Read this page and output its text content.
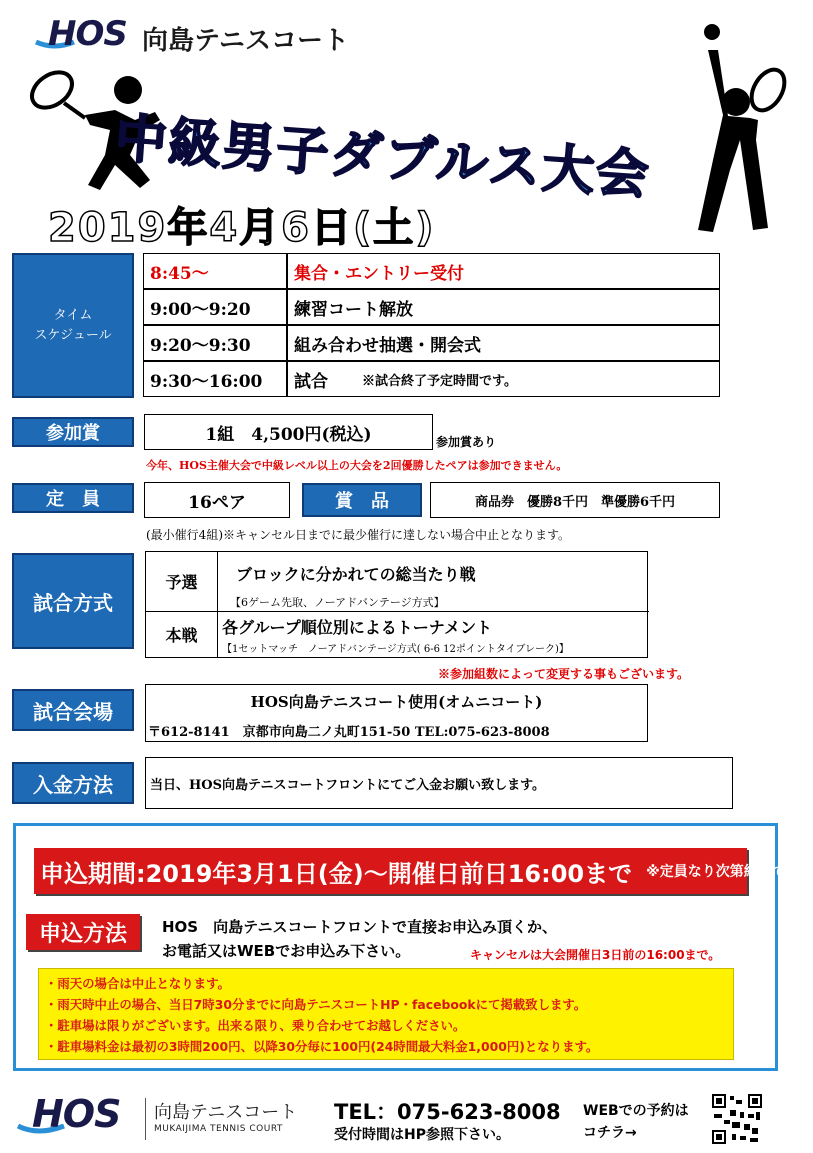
HOS 向島テニスコート
中級男子ダブルス大会
2019年4月6日(土)
タイム
スケジュール
8:45～	集合・エントリー受付
9:00～9:20	練習コート解放
9:20～9:30	組み合わせ抽選・開会式
9:30～16:00	試合	※試合終了予定時間です。
参加賞	1組　4,500円(税込)	参加賞あり
今年、HOS主催大会で中級レベル以上の大会を2回優勝したペアは参加できません。
定　員	16ペア	賞　品	商品券　優勝8千円　準優勝6千円
(最小催行4組)※キャンセル日までに最少催行に達しない場合中止となります。
試合方式
予選 ブロックに分かれての総当たり戦
【6ゲーム先取、ノーアドバンテージ方式】
本戦 各グループ順位別によるトーナメント
【1セットマッチ　ノーアドバンテージ方式( 6-6 12ポイントタイブレーク)】
※参加組数によって変更する事もございます。
試合会場	HOS向島テニスコート使用(オムニコート)
〒612-8141　京都市向島二ノ丸町151-50 TEL:075-623-8008
入金方法	当日、HOS向島テニスコートフロントにてご入金お願い致します。
申込期間:2019年3月1日(金)～開催日前日16:00まで ※定員なり次第終了です。
申込方法	HOS　向島テニスコートフロントで直接お申込み頂くか、
お電話又はWEBでお申込み下さい。	キャンセルは大会開催日3日前の16:00まで。
・雨天の場合は中止となります。
・雨天時中止の場合、当日7時30分までに向島テニスコートHP・facebookにて掲載致します。
・駐車場は限りがございます。出来る限り、乗り合わせてお越しください。
・駐車場料金は最初の3時間200円、以降30分毎に100円(24時間最大料金1,000円)となります。
HOS 向島テニスコート
MUKAIJIMA TENNIS COURT
TEL：075-623-8008
受付時間はHP参照下さい。
WEBでの予約は
コチラ→
